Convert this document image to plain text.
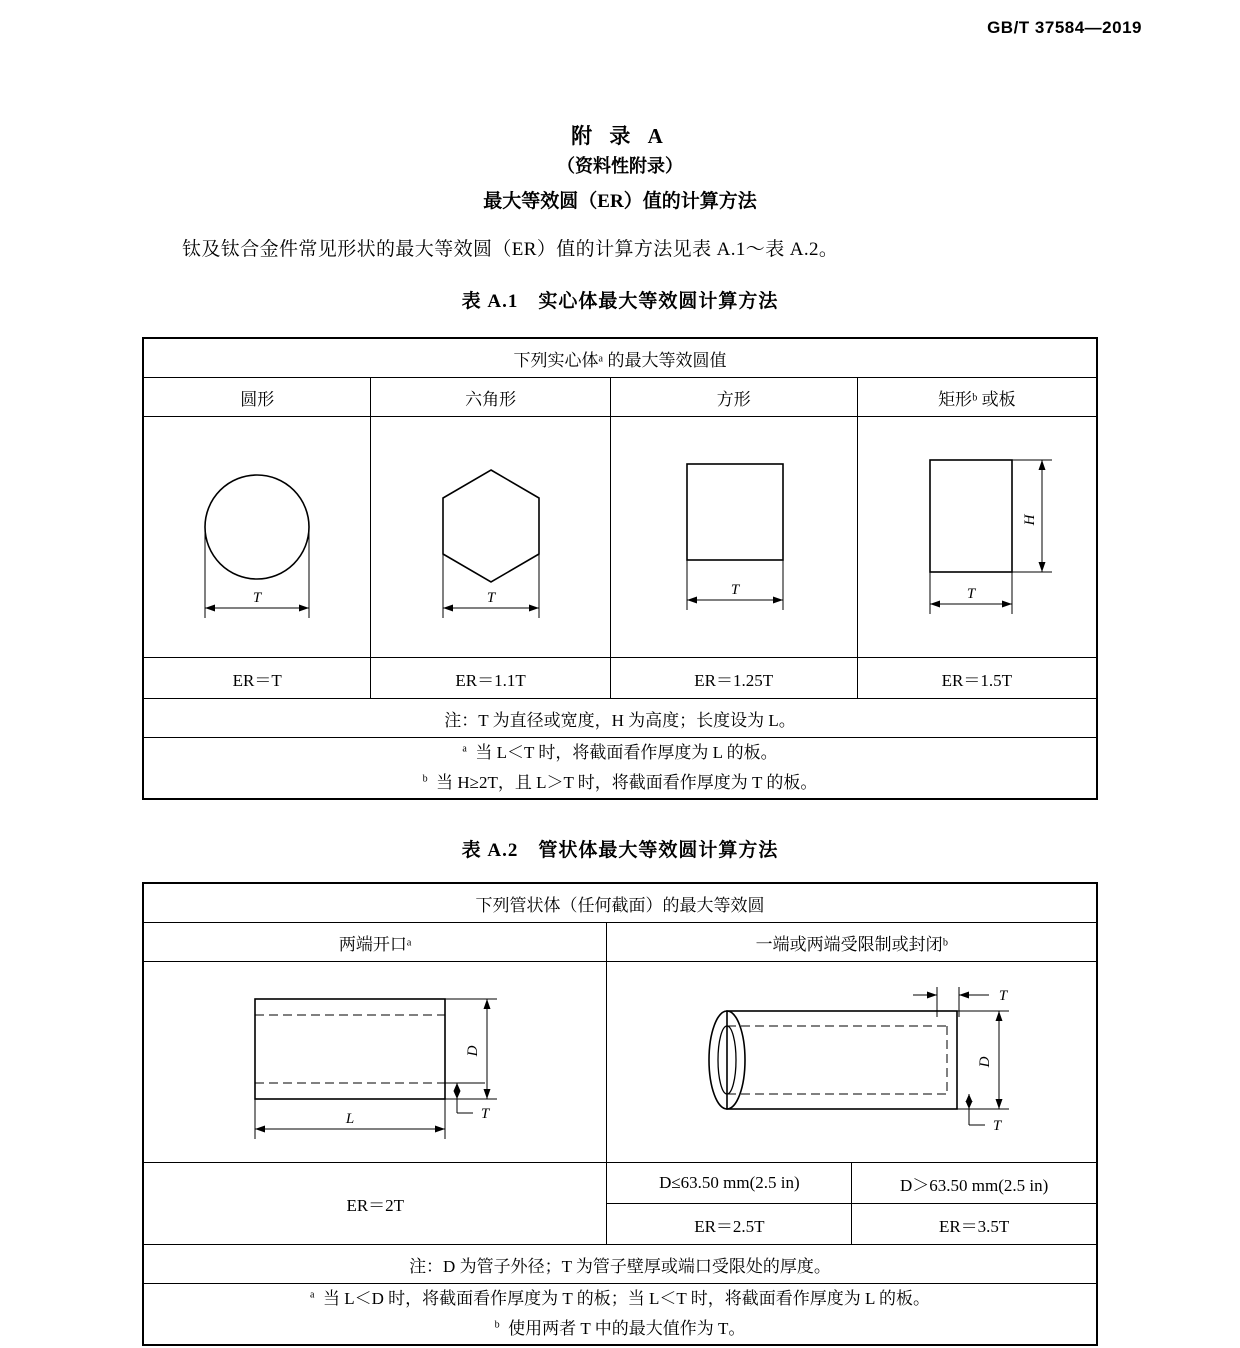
GB/T 37584—2019
附 录 A
（资料性附录）
最大等效圆（ER）值的计算方法
钛及钛合金件常见形状的最大等效圆（ER）值的计算方法见表 A.1～表 A.2。
表 A.1　实心体最大等效圆计算方法
下列实心体ᵃ 的最大等效圆值			
圆形	六角形	方形	矩形ᵇ 或板

T	T	T	H
T

ER＝T	ER＝1.1T	ER＝1.25T	ER＝1.5T
注：T 为直径或宽度，H 为高度；长度设为 L。			

$^a$ 当 L＜T 时，将截面看作厚度为 L 的板。
$^b$ 当 H≥2T，且 L＞T 时，将截面看作厚度为 T 的板。			
表 A.2　管状体最大等效圆计算方法
下列管状体（任何截面）的最大等效圆		
两端开口ᵃ	一端或两端受限制或封闭ᵇ	

D
T
L	T
D
T	

ER＝2T	D≤63.50 mm(2.5 in)	D＞63.50 mm(2.5 in)
	ER＝2.5T	ER＝3.5T
注：D 为管子外径；T 为管子壁厚或端口受限处的厚度。		

$^a$ 当 L＜D 时，将截面看作厚度为 T 的板；当 L＜T 时，将截面看作厚度为 L 的板。
$^b$ 使用两者 T 中的最大值作为 T。		
